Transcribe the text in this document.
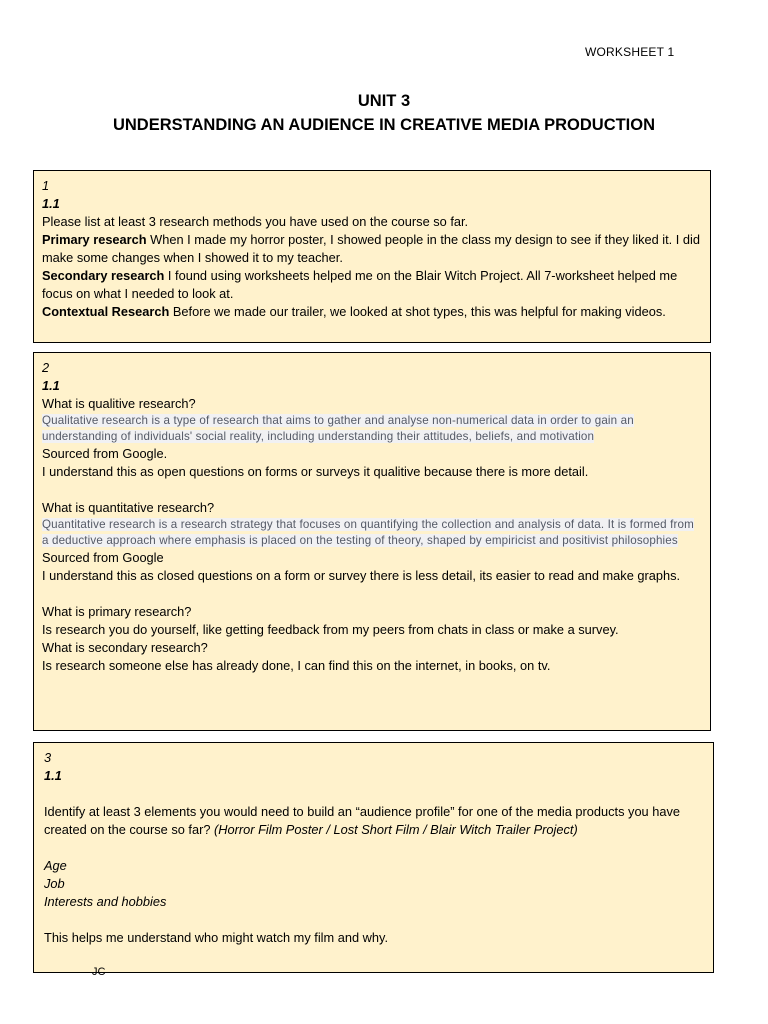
WORKSHEET 1
UNIT 3
UNDERSTANDING AN AUDIENCE IN CREATIVE MEDIA PRODUCTION
1
1.1
Please list at least 3 research methods you have used on the course so far.
Primary research When I made my horror poster, I showed people in the class my design to see if they liked it. I did make some changes when I showed it to my teacher.
Secondary research I found using worksheets helped me on the Blair Witch Project. All 7-worksheet helped me focus on what I needed to look at.
Contextual Research Before we made our trailer, we looked at shot types, this was helpful for making videos.
2
1.1
What is qualitive research?
Qualitative research is a type of research that aims to gather and analyse non-numerical data in order to gain an understanding of individuals' social reality, including understanding their attitudes, beliefs, and motivation
Sourced from Google.
I understand this as open questions on forms or surveys it qualitive because there is more detail.
What is quantitative research?
Quantitative research is a research strategy that focuses on quantifying the collection and analysis of data. It is formed from a deductive approach where emphasis is placed on the testing of theory, shaped by empiricist and positivist philosophies
Sourced from Google
I understand this as closed questions on a form or survey there is less detail, its easier to read and make graphs.
What is primary research?
Is research you do yourself, like getting feedback from my peers from chats in class or make a survey.
What is secondary research?
Is research someone else has already done, I can find this on the internet, in books, on tv.
3
1.1
Identify at least 3 elements you would need to build an “audience profile” for one of the media products you have created on the course so far? (Horror Film Poster / Lost Short Film / Blair Witch Trailer Project)
Age
Job
Interests and hobbies
This helps me understand who might watch my film and why.
JC
